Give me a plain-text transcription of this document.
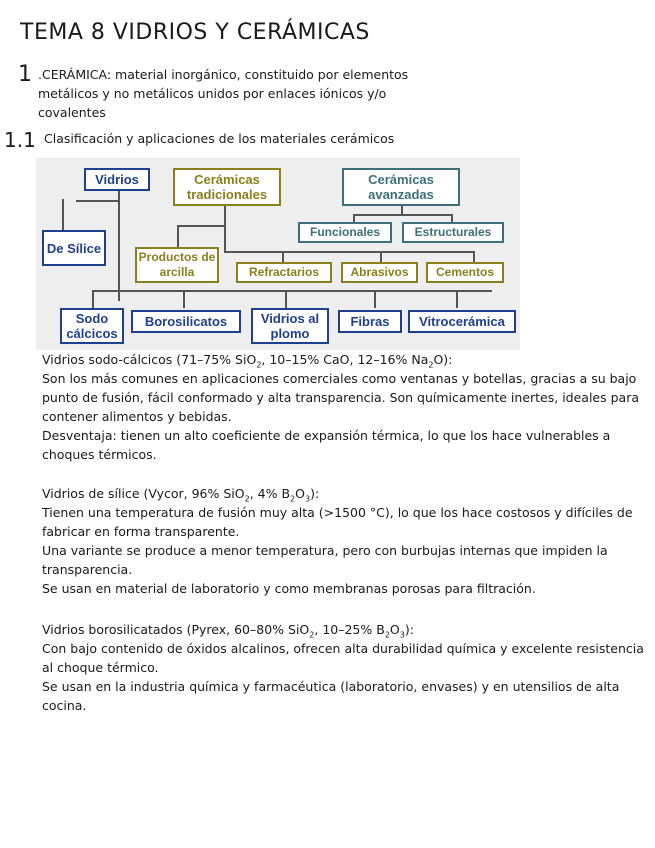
TEMA 8 VIDRIOS Y CERÁMICAS
1 .CERÁMICA: material inorgánico, constituido por elementos metálicos y no metálicos unidos por enlaces iónicos y/o covalentes
1.1 Clasificación y aplicaciones de los materiales cerámicos
Vidrios	Cerámicas tradicionales
Cerámicas avanzadas
De Sílice
Productos de arcilla
Funcionales	Estructurales
Refractarios	Abrasivos	Cementos
Sodo cálcicos
Borosilicatos	Vidrios al plomo
Fibras	Vitrocerámica

Vidrios sodo-cálcicos (71–75% SiO$_2$, 10–15% CaO, 12–16% $Na_2O$):

Son los más comunes en aplicaciones comerciales como ventanas y botellas, gracias a su bajo punto de fusión, fácil conformado y alta transparencia. Son químicamente inertes, ideales para contener alimentos y bebidas.

Desventaja: tienen un alto coeficiente de expansión térmica, lo que los hace vulnerables a choques térmicos.

Vidrios de sílice (Vycor, 96% SiO$_2$, 4% $B_2O_3$):

Tienen una temperatura de fusión muy alta (>1500 °C), lo que los hace costosos y difíciles de fabricar en forma transparente.

Una variante se produce a menor temperatura, pero con burbujas internas que impiden la transparencia.

Se usan en material de laboratorio y como membranas porosas para filtración.

Vidrios borosilicatados (Pyrex, 60–80% SiO$_2$, 10–25% $B_2O_3$):

Con bajo contenido de óxidos alcalinos, ofrecen alta durabilidad química y excelente resistencia al choque térmico.

Se usan en la industria química y farmacéutica (laboratorio, envases) y en utensilios de alta cocina.
